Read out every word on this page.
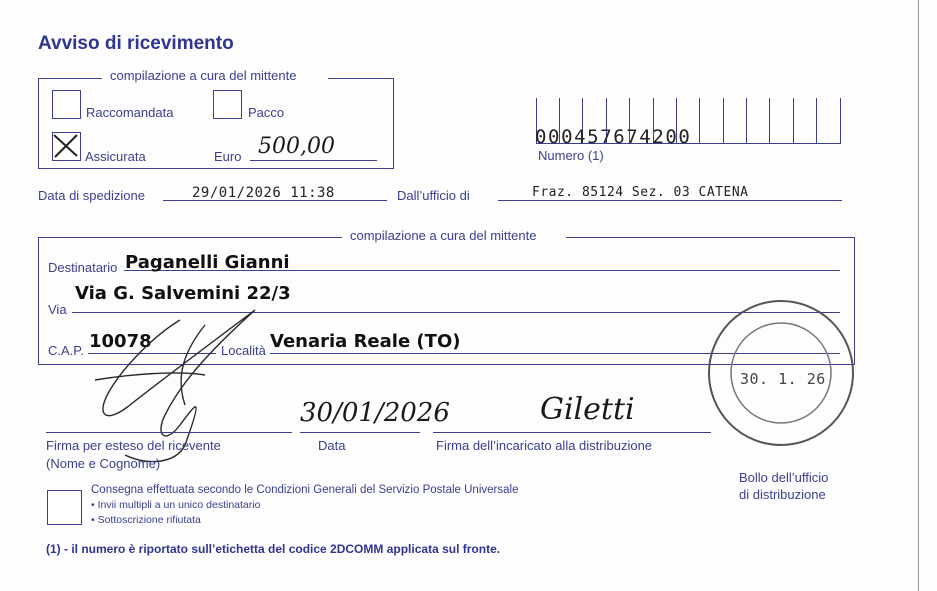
Avviso di ricevimento
compilazione a cura del mittente
Raccomandata	Pacco
Assicurata	Euro 500,00	000457674200
Numero (1)
Data di spedizione	29/01/2026 11:38	Dall’ufficio di	Fraz. 85124 Sez. 03 CATENA
compilazione a cura del mittente
Destinatario Paganelli Gianni
Via
Via G. Salvemini 22/3
C.A.P. 10078	Località Venaria Reale (TO)
Firma per esteso del ricevente
(Nome e Cognome)
Data
30/01/2026
Firma dell’incaricato alla distribuzione
Giletti
30. 1. 26
Bollo dell’ufficio
di distribuzione
Consegna effettuata secondo le Condizioni Generali del Servizio Postale Universale
• Invii multipli a un unico destinatario
• Sottoscrizione rifiutata
(1) - il numero è riportato sull’etichetta del codice 2DCOMM applicata sul fronte.
